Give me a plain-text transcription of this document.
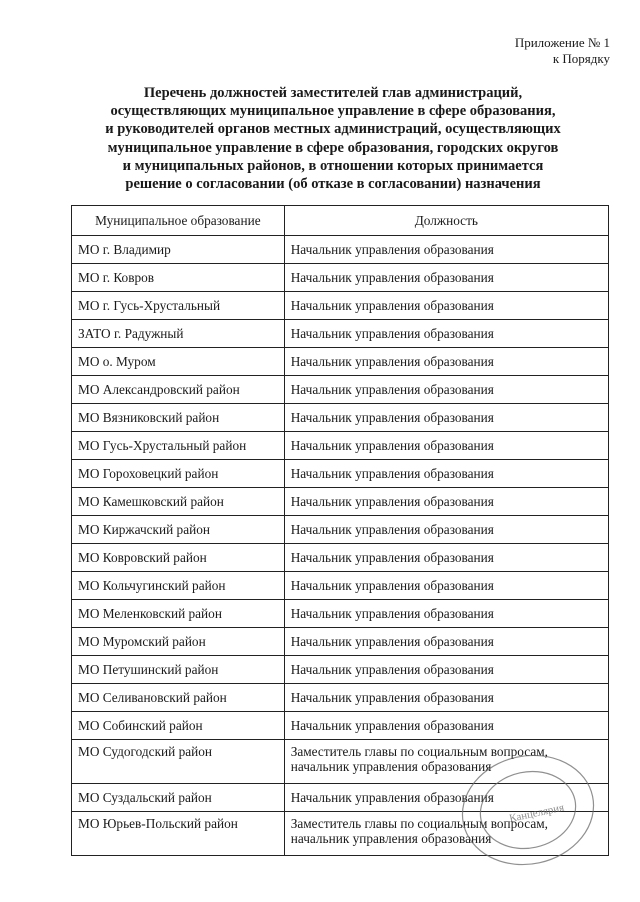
Приложение № 1
к Порядку
Перечень должностей заместителей глав администраций,
осуществляющих муниципальное управление в сфере образования,
и руководителей органов местных администраций, осуществляющих
муниципальное управление в сфере образования, городских округов
и муниципальных районов, в отношении которых принимается
решение о согласовании (об отказе в согласовании) назначения
Муниципальное образование	Должность
МО г. Владимир	Начальник управления образования

МО г. Ковров	Начальник управления образования

МО г. Гусь-Хрустальный	Начальник управления образования

ЗАТО г. Радужный	Начальник управления образования

МО о. Муром	Начальник управления образования

МО Александровский район	Начальник управления образования

МО Вязниковский район	Начальник управления образования

МО Гусь-Хрустальный район	Начальник управления образования

МО Гороховецкий район	Начальник управления образования

МО Камешковский район	Начальник управления образования

МО Киржачский район	Начальник управления образования

МО Ковровский район	Начальник управления образования

МО Кольчугинский район	Начальник управления образования

МО Меленковский район	Начальник управления образования

МО Муромский район	Начальник управления образования

МО Петушинский район	Начальник управления образования

МО Селивановский район	Начальник управления образования

МО Собинский район	Начальник управления образования

МО Судогодский район	Заместитель главы по социальным вопросам,
начальник управления образования

МО Суздальский район	Начальник управления образования

МО Юрьев-Польский район	Заместитель главы по социальным вопросам,
начальник управления образования
Канцелярия
